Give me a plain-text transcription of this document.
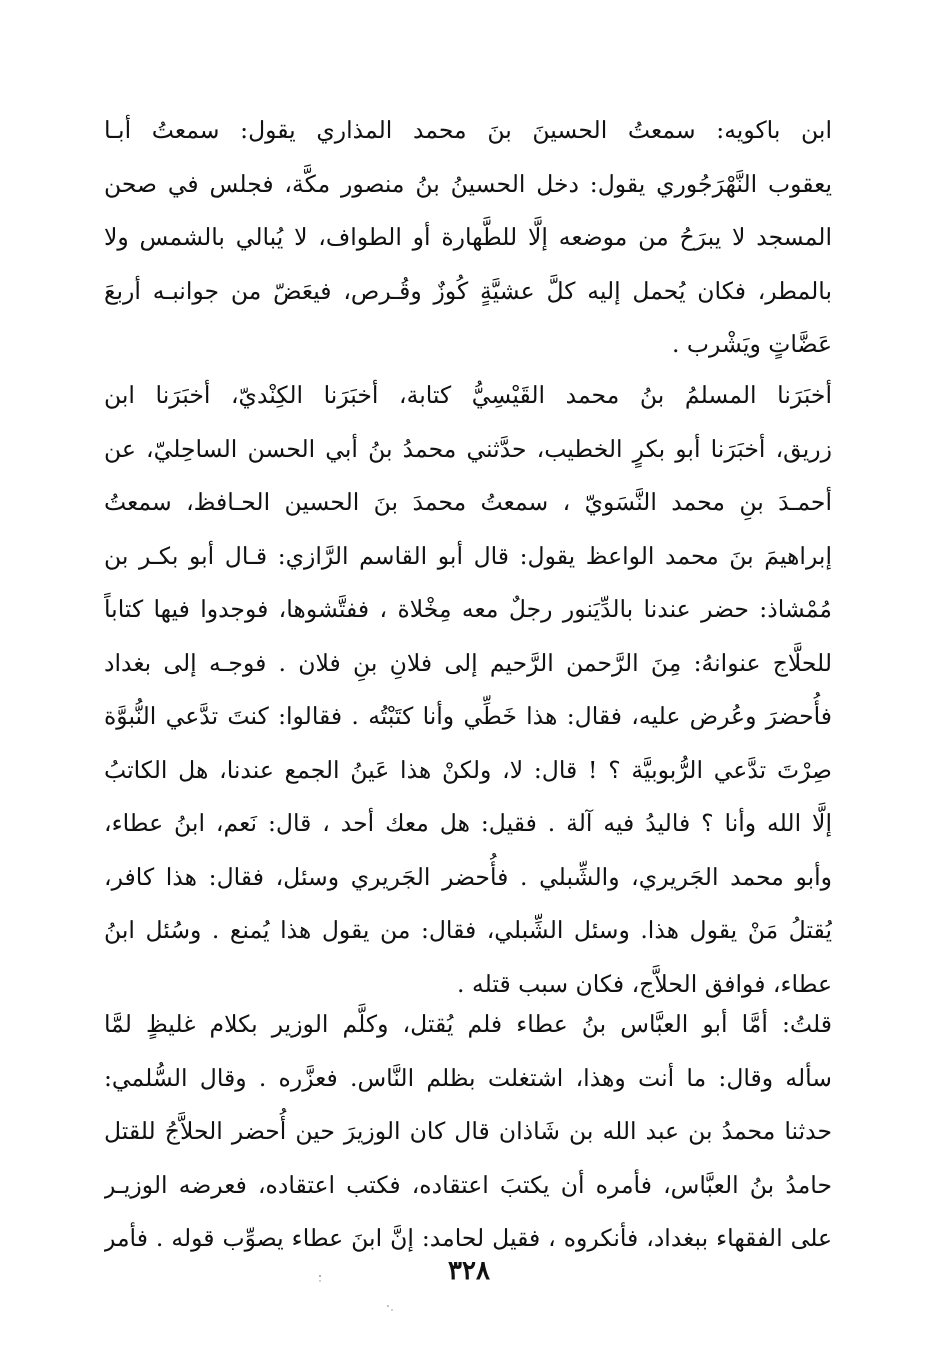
ابن باكويه: سمعتُ الحسينَ بنَ محمد المذاري يقول: سمعتُ أبـا
يعقوب النَّهْرَجُوري يقول: دخل الحسينُ بنُ منصور مكَّة، فجلس في صحن
المسجد لا يبرَحُ من موضعه إلَّا للطَّهارة أو الطواف، لا يُبالي بالشمس ولا
بالمطر، فكان يُحمل إليه كلَّ عشيَّةٍ كُوزٌ وقُـرص، فيعَضّ من جوانبـه أربعَ
عَضَّاتٍ ويَشْرب .
أخبَرَنا المسلمُ بنُ محمد القَيْسِيُّ كتابة، أخبَرَنا الكِنْديّ، أخبَرَنا ابن
زريق، أخبَرَنا أبو بكرٍ الخطيب، حدَّثني محمدُ بنُ أبي الحسن الساحِليّ، عن
أحمـدَ بنِ محمد النَّسَويّ ، سمعتُ محمدَ بنَ الحسين الحـافظ، سمعتُ
إبراهيمَ بنَ محمد الواعظ يقول: قال أبو القاسم الرَّازي: قـال أبو بكـر بن
مُمْشاذ: حضر عندنا بالدِّيَنور رجلٌ معه مِخْلاة ، ففتَّشوها، فوجدوا فيها كتاباً
للحلَّاج عنوانهُ: مِنَ الرَّحمن الرَّحيم إلى فلانِ بنِ فلان . فوجـه إلى بغداد
فأُحضرَ وعُرض عليه، فقال: هذا خَطِّي وأنا كتَبْتُه . فقالوا: كنتَ تدَّعي النُّبوَّة
صِرْتَ تدَّعي الرُّبوبيَّة ؟ ! قال: لا، ولكنْ هذا عَينُ الجمع عندنا، هل الكاتبُ
إلَّا الله وأنا ؟ فاليدُ فيه آلة . فقيل: هل معك أحد ، قال: نَعم، ابنُ عطاء،
وأبو محمد الجَريري، والشِّبلي . فأُحضر الجَريري وسئل، فقال: هذا كافر،
يُقتلُ مَنْ يقول هذا. وسئل الشِّبلي، فقال: من يقول هذا يُمنع . وسُئل ابنُ
عطاء، فوافق الحلاَّج، فكان سبب قتله .
قلتُ: أمَّا أبو العبَّاس بنُ عطاء فلم يُقتل، وكلَّم الوزير بكلام غليظٍ لمَّا
سأله وقال: ما أنت وهذا، اشتغلت بظلم النَّاس. فعزَّره . وقال السُّلمي:
حدثنا محمدُ بن عبد الله بن شَاذان قال كان الوزيرَ حين أُحضر الحلاَّجُ للقتل
حامدُ بنُ العبَّاس، فأمره أن يكتبَ اعتقاده، فكتب اعتقاده، فعرضه الوزيـر
على الفقهاء ببغداد، فأنكروه ، فقيل لحامد: إنَّ ابنَ عطاء يصوِّب قوله . فأمر
٣٢٨
